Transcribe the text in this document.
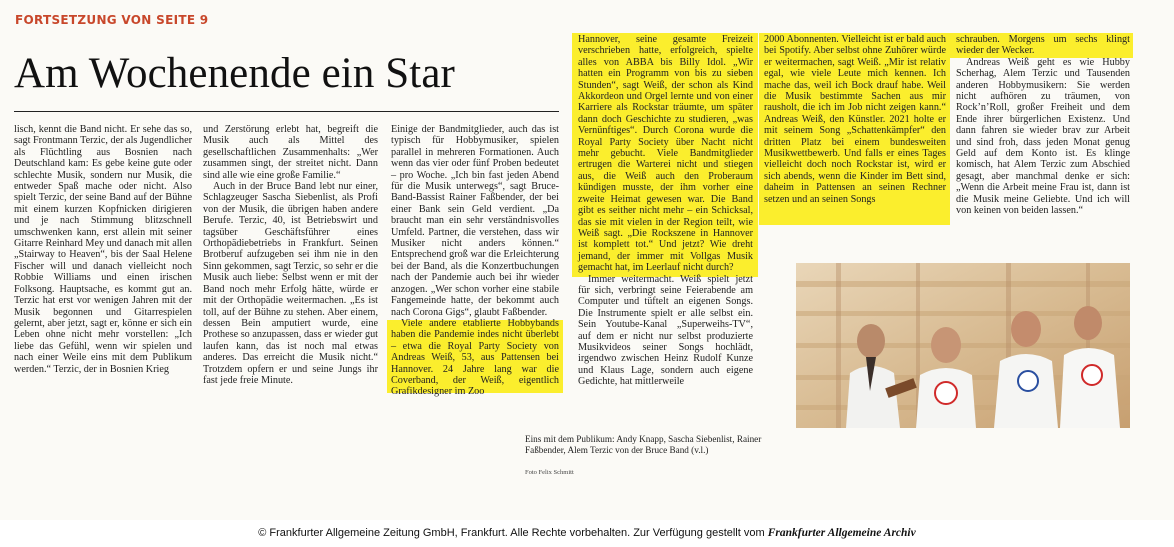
FORTSETZUNG VON SEITE 9
Am Wochenende ein Star

lisch, kennt die Band nicht. Er sehe das so, sagt Frontmann Terzic, der als Jugendlicher als Flüchtling aus Bosnien nach Deutschland kam: Es gebe keine gute oder schlechte Musik, sondern nur Musik, die entweder Spaß mache oder nicht. Also spielt Terzic, der seine Band auf der Bühne mit einem kurzen Kopfnicken dirigieren und je nach Stimmung blitzschnell umschwenken kann, erst allein mit seiner Gitarre Reinhard Mey und danach mit allen „Stairway to Heaven“, bis der Saal Helene Fischer will und danach vielleicht noch Robbie Williams und einen irischen Folksong. Hauptsache, es kommt gut an. Terzic hat erst vor wenigen Jahren mit der Musik begonnen und Gitarrespielen gelernt, aber jetzt, sagt er, könne er sich ein Leben ohne nicht mehr vorstellen: „Ich liebe das Gefühl, wenn wir spielen und nach einer Weile eins mit dem Publikum werden.“ Terzic, der in Bosnien Krieg

und Zerstörung erlebt hat, begreift die Musik auch als Mittel des gesellschaftlichen Zusammenhalts: „Wer zusammen singt, der streitet nicht. Dann sind alle wie eine große Familie.“

Auch in der Bruce Band lebt nur einer, Schlagzeuger Sascha Siebenlist, als Profi von der Musik, die übrigen haben andere Berufe. Terzic, 40, ist Betriebswirt und tagsüber Geschäftsführer eines Orthopädiebetriebs in Frankfurt. Seinen Brotberuf aufzugeben sei ihm nie in den Sinn gekommen, sagt Terzic, so sehr er die Musik auch liebe: Selbst wenn er mit der Band noch mehr Erfolg hätte, würde er mit der Orthopädie weitermachen. „Es ist toll, auf der Bühne zu stehen. Aber einem, dessen Bein amputiert wurde, eine Prothese so anzupassen, dass er wieder gut laufen kann, das ist noch mal etwas anderes. Das erreicht die Musik nicht.“ Trotzdem opfern er und seine Jungs ihr fast jede freie Minute.

Einige der Bandmitglieder, auch das ist typisch für Hobbymusiker, spielen parallel in mehreren Formationen. Auch wenn das vier oder fünf Proben bedeutet – pro Woche. „Ich bin fast jeden Abend für die Musik unterwegs“, sagt Bruce-Band-Bassist Rainer Faßbender, der bei einer Bank sein Geld verdient. „Da braucht man ein sehr verständnisvolles Umfeld. Partner, die verstehen, dass wir Musiker nicht anders können.“ Entsprechend groß war die Erleichterung bei der Band, als die Konzertbuchungen nach der Pandemie auch bei ihr wieder anzogen. „Wer schon vorher eine stabile Fangemeinde hatte, der bekommt auch nach Corona Gigs“, glaubt Faßbender.

Viele andere etablierte Hobbybands haben die Pandemie indes nicht überlebt – etwa die Royal Party Society von Andreas Weiß, 53, aus Pattensen bei Hannover. 24 Jahre lang war die Coverband, der Weiß, eigentlich Grafikdesigner im Zoo

Hannover, seine gesamte Freizeit verschrieben hatte, erfolgreich, spielte alles von ABBA bis Billy Idol. „Wir hatten ein Programm von bis zu sieben Stunden“, sagt Weiß, der schon als Kind Akkordeon und Orgel lernte und von einer Karriere als Rockstar träumte, um später dann doch Geschichte zu studieren, „was Vernünftiges“. Durch Corona wurde die Royal Party Society über Nacht nicht mehr gebucht. Viele Bandmitglieder ertrugen die Warterei nicht und stiegen aus, die Weiß auch den Proberaum kündigen musste, der ihm vorher eine zweite Heimat gewesen war. Die Band gibt es seither nicht mehr – ein Schicksal, das sie mit vielen in der Region teilt, wie Weiß sagt. „Die Rockszene in Hannover ist komplett tot.“ Und jetzt? Wie dreht jemand, der immer mit Vollgas Musik gemacht hat, im Leerlauf nicht durch?

Immer weitermacht. Weiß spielt jetzt für sich, verbringt seine Feierabende am Computer und tüftelt an eigenen Songs. Die Instrumente spielt er alle selbst ein. Sein Youtube-Kanal „Superweihs-TV“, auf dem er nicht nur selbst produzierte Musikvideos seiner Songs hochlädt, irgendwo zwischen Heinz Rudolf Kunze und Klaus Lage, sondern auch eigene Gedichte, hat mittlerweile

2000 Abonnenten. Vielleicht ist er bald auch bei Spotify. Aber selbst ohne Zuhörer würde er weitermachen, sagt Weiß. „Mir ist relativ egal, wie viele Leute mich kennen. Ich mache das, weil ich Bock drauf habe. Weil die Musik bestimmte Sachen aus mir rausholt, die ich im Job nicht zeigen kann.“ Andreas Weiß, den Künstler. 2021 holte er mit seinem Song „Schattenkämpfer“ den dritten Platz bei einem bundesweiten Musikwettbewerb. Und falls er eines Tages vielleicht doch noch Rockstar ist, wird er sich abends, wenn die Kinder im Bett sind, daheim in Pattensen an seinen Rechner setzen und an seinen Songs

schrauben. Morgens um sechs klingt wieder der Wecker.

Andreas Weiß geht es wie Hubby Scherhag, Alem Terzic und Tausenden anderen Hobbymusikern: Sie werden nicht aufhören zu träumen, von Rock’n’Roll, großer Freiheit und dem Ende ihrer bürgerlichen Existenz. Und dann fahren sie wieder brav zur Arbeit und sind froh, dass jeden Monat genug Geld auf dem Konto ist. Es klinge komisch, hat Alem Terzic zum Abschied gesagt, aber manchmal denke er sich: „Wenn die Arbeit meine Frau ist, dann ist die Musik meine Geliebte. Und ich will von keinen von beiden lassen.“

Eins mit dem Publikum: Andy Knapp, Sascha Siebenlist, Rainer Faßbender, Alem Terzic von der Bruce Band (v.l.)

Foto Felix Schmitt

© Frankfurter Allgemeine Zeitung GmbH, Frankfurt. Alle Rechte vorbehalten. Zur Verfügung gestellt vom Frankfurter Allgemeine Archiv
